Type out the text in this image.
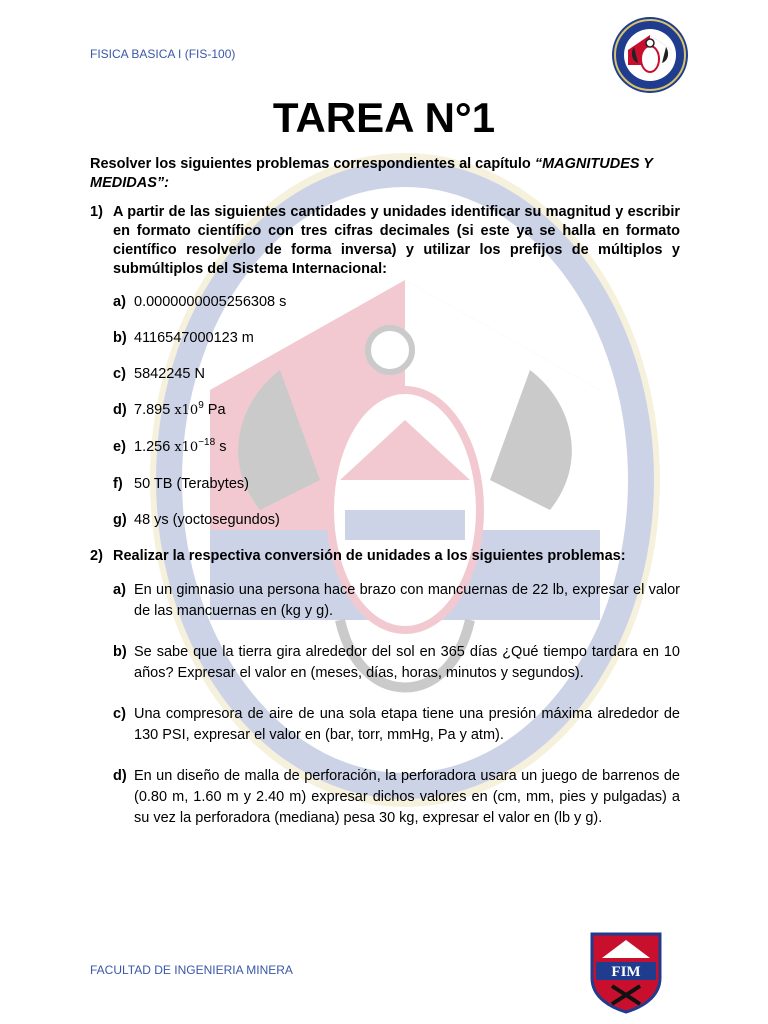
FISICA BASICA I (FIS-100)
TAREA N°1

Resolver los siguientes problemas correspondientes al capítulo “MAGNITUDES Y MEDIDAS”:

1) A partir de las siguientes cantidades y unidades identificar su magnitud y escribir en formato científico con tres cifras decimales (si este ya se halla en formato científico resolverlo de forma inversa) y utilizar los prefijos de múltiplos y submúltiplos del Sistema Internacional:
a) 0.0000000005256308 s
b) 4116547000123 m
c) 5842245 N
d) 7.895 $x10^9$ Pa
e) 1.256 $x10^{-18}$ s
f) 50 TB (Terabytes)
g) 48 ys (yoctosegundos)
2) Realizar la respectiva conversión de unidades a los siguientes problemas:
a) En un gimnasio una persona hace brazo con mancuernas de 22 lb, expresar el valor de las mancuernas en (kg y g).
b) Se sabe que la tierra gira alrededor del sol en 365 días ¿Qué tiempo tardara en 10 años? Expresar el valor en (meses, días, horas, minutos y segundos).
c) Una compresora de aire de una sola etapa tiene una presión máxima alrededor de 130 PSI, expresar el valor en (bar, torr, mmHg, Pa y atm).
d) En un diseño de malla de perforación, la perforadora usara un juego de barrenos de (0.80 m, 1.60 m y 2.40 m) expresar dichos valores en (cm, mm, pies y pulgadas) a su vez la perforadora (mediana) pesa 30 kg, expresar el valor en (lb y g).
FACULTAD DE INGENIERIA MINERA	FIM
